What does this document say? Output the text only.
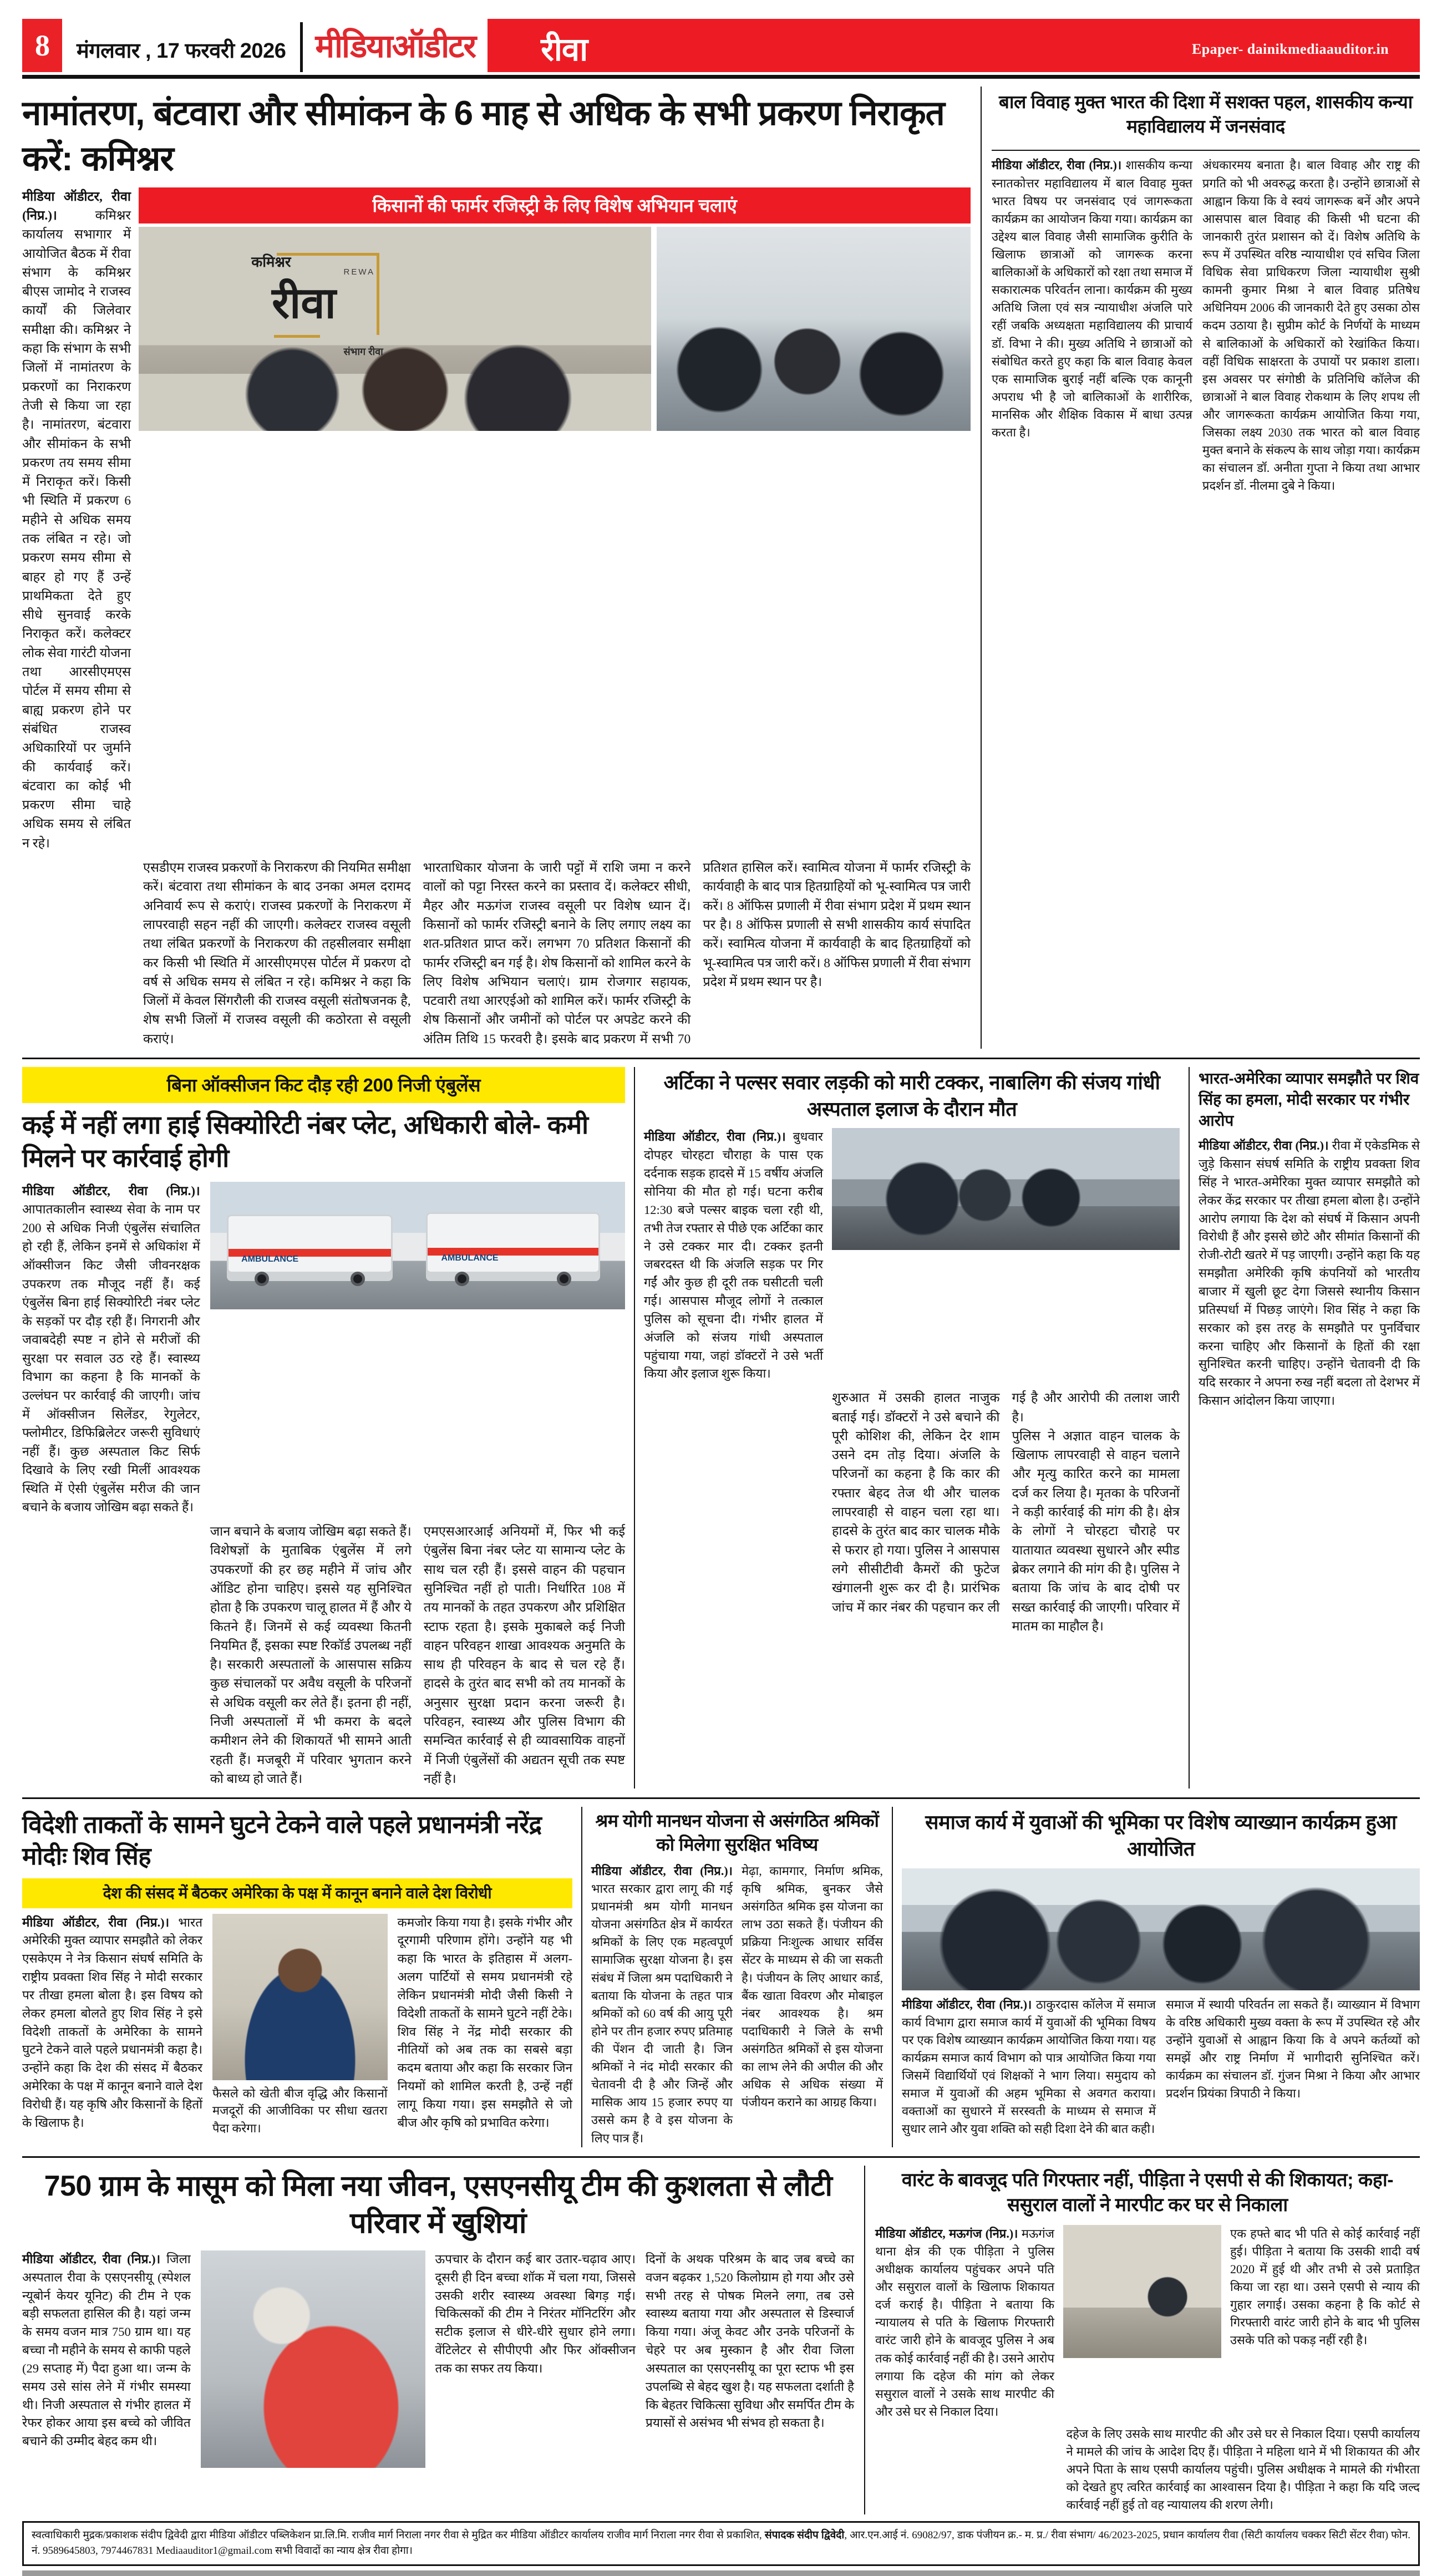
8	मंगलवार , 17 फरवरी 2026 मीडियाऑडीटर	रीवा	Epaper- dainikmediaauditor.in
नामांतरण, बंटवारा और सीमांकन के 6 माह से अधिक के सभी प्रकरण निराकृत करें: कमिश्नर

मीडिया ऑडीटर, रीवा (निप्र.)।	कमिश्नर कार्यालय सभागार में आयोजित बैठक में रीवा संभाग के कमिश्नर बीएस जामोद ने राजस्व कार्यों की जिलेवार समीक्षा की। कमिश्नर ने कहा कि संभाग के सभी जिलों में नामांतरण के प्रकरणों का निराकरण तेजी से किया जा रहा है। नामांतरण, बंटवारा और सीमांकन के सभी प्रकरण तय समय सीमा में निराकृत करें। किसी भी स्थिति में प्रकरण 6 महीने से अधिक समय तक लंबित न रहे। जो प्रकरण समय सीमा से बाहर हो गए हैं उन्हें प्राथमिकता देते हुए सीधे सुनवाई करके निराकृत करें। कलेक्टर लोक सेवा गारंटी योजना तथा आरसीएमएस पोर्टल में समय सीमा से बाह्य प्रकरण होने पर संबंधित राजस्व अधिकारियों पर जुर्माने की कार्यवाई करें। बंटवारा का कोई भी प्रकरण सीमा चाहे अधिक समय से लंबित न रहे।

किसानों की फार्मर रजिस्ट्री के लिए विशेष अभियान चलाएं
कमिश्नर
रीवा
संभाग रीवा
REWA

एसडीएम राजस्व प्रकरणों के निराकरण की नियमित समीक्षा करें। बंटवारा तथा सीमांकन के बाद उनका अमल दरामद अनिवार्य रूप से कराएं। राजस्व प्रकरणों के निराकरण में लापरवाही सहन नहीं की जाएगी। कलेक्टर राजस्व वसूली तथा लंबित प्रकरणों के निराकरण की तहसीलवार समीक्षा कर किसी भी स्थिति में आरसीएमएस पोर्टल में प्रकरण दो वर्ष से अधिक समय से लंबित न रहे। कमिश्नर ने कहा कि जिलों में केवल सिंगरौली की राजस्व वसूली संतोषजनक है, शेष सभी जिलों में राजस्व वसूली की कठोरता से वसूली कराएं।

भारताधिकार योजना के जारी पट्टों में राशि जमा न करने वालों को पट्टा निरस्त करने का प्रस्ताव दें। कलेक्टर सीधी, मैहर और मऊगंज राजस्व वसूली पर विशेष ध्यान दें। किसानों को फार्मर रजिस्ट्री बनाने के लिए लगाए लक्ष्य का शत-प्रतिशत प्राप्त करें। लगभग 70 प्रतिशत किसानों की फार्मर रजिस्ट्री बन गई है। शेष किसानों को शामिल करने के लिए विशेष अभियान चलाएं। ग्राम रोजगार सहायक, पटवारी तथा आरएईओ को शामिल करें। फार्मर रजिस्ट्री के शेष किसानों और जमीनों को पोर्टल पर अपडेट करने की अंतिम तिथि 15 फरवरी है। इसके बाद प्रकरण में सभी 70 प्रतिशत हासिल करें। स्वामित्व योजना में फार्मर रजिस्ट्री के कार्यवाही के बाद पात्र हितग्राहियों को भू-स्वामित्व पत्र जारी करें। 8 ऑफिस प्रणाली में रीवा संभाग प्रदेश में प्रथम स्थान पर है। 8 ऑफिस प्रणाली से सभी शासकीय कार्य संपादित करें। स्वामित्व योजना में कार्यवाही के बाद हितग्राहियों को भू-स्वामित्व पत्र जारी करें। 8 ऑफिस प्रणाली में रीवा संभाग प्रदेश में प्रथम स्थान पर है।

बाल विवाह मुक्त भारत की दिशा में सशक्त पहल, शासकीय कन्या महाविद्यालय में जनसंवाद

मीडिया ऑडीटर, रीवा (निप्र.)। शासकीय कन्या स्नातकोत्तर महाविद्यालय में बाल विवाह मुक्त भारत विषय पर जनसंवाद एवं जागरूकता कार्यक्रम का आयोजन किया गया। कार्यक्रम का उद्देश्य बाल विवाह जैसी सामाजिक कुरीति के खिलाफ छात्राओं को जागरूक करना बालिकाओं के अधिकारों को रक्षा तथा समाज में सकारात्मक परिवर्तन लाना। कार्यक्रम की मुख्य अतिथि जिला एवं सत्र न्यायाधीश अंजलि पारे रहीं जबकि अध्यक्षता महाविद्यालय की प्राचार्य डॉ. विभा ने की। मुख्य अतिथि ने छात्राओं को संबोधित करते हुए कहा कि बाल विवाह केवल एक सामाजिक बुराई नहीं बल्कि एक कानूनी अपराध भी है जो बालिकाओं के शारीरिक, मानसिक और शैक्षिक विकास में बाधा उत्पन्न करता है।

अंधकारमय बनाता है। बाल विवाह और राष्ट्र की प्रगति को भी अवरुद्ध करता है। उन्होंने छात्राओं से आह्वान किया कि वे स्वयं जागरूक बनें और अपने आसपास बाल विवाह की किसी भी घटना की जानकारी तुरंत प्रशासन को दें। विशेष अतिथि के रूप में उपस्थित वरिष्ठ न्यायाधीश एवं सचिव जिला विधिक सेवा प्राधिकरण जिला न्यायाधीश सुश्री कामनी कुमार मिश्रा ने बाल विवाह प्रतिषेध अधिनियम 2006 की जानकारी देते हुए उसका ठोस कदम उठाया है। सुप्रीम कोर्ट के निर्णयों के माध्यम से बालिकाओं के अधिकारों को रेखांकित किया। वहीं विधिक साक्षरता के उपायों पर प्रकाश डाला। इस अवसर पर संगोष्ठी के प्रतिनिधि कॉलेज की छात्राओं ने बाल विवाह रोकथाम के लिए शपथ ली और जागरूकता कार्यक्रम आयोजित किया गया, जिसका लक्ष्य 2030 तक भारत को बाल विवाह मुक्त बनाने के संकल्प के साथ जोड़ा गया। कार्यक्रम का संचालन डॉ. अनीता गुप्ता ने किया तथा आभार प्रदर्शन डॉ. नीलमा दुबे ने किया।

बिना ऑक्सीजन किट दौड़ रही 200 निजी एंबुलेंस
कई में नहीं लगा हाई सिक्योरिटी नंबर प्लेट, अधिकारी बोले- कमी मिलने पर कार्रवाई होगी

मीडिया ऑडीटर, रीवा (निप्र.)। आपातकालीन स्वास्थ्य सेवा के नाम पर 200 से अधिक निजी एंबुलेंस संचालित हो रही हैं, लेकिन इनमें से अधिकांश में ऑक्सीजन किट जैसी जीवनरक्षक उपकरण तक मौजूद नहीं हैं। कई एंबुलेंस बिना हाई सिक्योरिटी नंबर प्लेट के सड़कों पर दौड़ रही हैं। निगरानी और जवाबदेही स्पष्ट न होने से मरीजों की सुरक्षा पर सवाल उठ रहे हैं। स्वास्थ्य विभाग का कहना है कि मानकों के उल्लंघन पर कार्रवाई की जाएगी। जांच में ऑक्सीजन सिलेंडर, रेगुलेटर, फ्लोमीटर, डिफिब्रिलेटर जरूरी सुविधाएं नहीं हैं। कुछ अस्पताल किट सिर्फ दिखावे के लिए रखी मिलीं आवश्यक स्थिति में ऐसी एंबुलेंस मरीज की जान बचाने के बजाय जोखिम बढ़ा सकते हैं।

AMBULANCE	AMBULANCE

जान बचाने के बजाय जोखिम बढ़ा सकते हैं। विशेषज्ञों के मुताबिक एंबुलेंस में लगे उपकरणों की हर छह महीने में जांच और ऑडिट होना चाहिए। इससे यह सुनिश्चित होता है कि उपकरण चालू हालत में हैं और ये कितने हैं। जिनमें से कई व्यवस्था कितनी नियमित हैं, इसका स्पष्ट रिकॉर्ड उपलब्ध नहीं है। सरकारी अस्पतालों के आसपास सक्रिय कुछ संचालकों पर अवैध वसूली के परिजनों से अधिक वसूली कर लेते हैं। इतना ही नहीं, निजी अस्पतालों में भी कमरा के बदले कमीशन लेने की शिकायतें भी सामने आती रहती हैं। मजबूरी में परिवार भुगतान करने को बाध्य हो जाते हैं।

एमएसआरआई अनियमों में, फिर भी कई एंबुलेंस बिना नंबर प्लेट या सामान्य प्लेट के साथ चल रही हैं। इससे वाहन की पहचान सुनिश्चित नहीं हो पाती। निर्धारित 108 में तय मानकों के तहत उपकरण और प्रशिक्षित स्टाफ रहता है। इसके मुकाबले कई निजी वाहन परिवहन शाखा आवश्यक अनुमति के साथ ही परिवहन के बाद से चल रहे हैं। हादसे के तुरंत बाद सभी को तय मानकों के अनुसार सुरक्षा प्रदान करना जरूरी है। परिवहन, स्वास्थ्य और पुलिस विभाग की समन्वित कार्रवाई से ही व्यावसायिक वाहनों में निजी एंबुलेंसों की अद्यतन सूची तक स्पष्ट नहीं है।

अर्टिका ने पल्सर सवार लड़की को मारी टक्कर, नाबालिग की संजय गांधी अस्पताल इलाज के दौरान मौत

मीडिया ऑडीटर, रीवा (निप्र.)। बुधवार दोपहर चोरहटा चौराहा के पास एक दर्दनाक सड़क हादसे में 15 वर्षीय अंजलि सोनिया की मौत हो गई। घटना करीब 12:30 बजे पल्सर बाइक चला रही थी, तभी तेज रफ्तार से पीछे एक अर्टिका कार ने उसे टक्कर मार दी। टक्कर इतनी जबरदस्त थी कि अंजलि सड़क पर गिर गईं और कुछ ही दूरी तक घसीटती चली गई। आसपास मौजूद लोगों ने तत्काल पुलिस को सूचना दी। गंभीर हालत में अंजलि को संजय गांधी अस्पताल पहुंचाया गया, जहां डॉक्टरों ने उसे भर्ती किया और इलाज शुरू किया।

शुरुआत में उसकी हालत नाजुक बताई गई। डॉक्टरों ने उसे बचाने की पूरी कोशिश की, लेकिन देर शाम उसने दम तोड़ दिया। अंजलि के परिजनों का कहना है कि कार की रफ्तार बेहद तेज थी और चालक लापरवाही से वाहन चला रहा था। हादसे के तुरंत बाद कार चालक मौके से फरार हो गया। पुलिस ने आसपास लगे सीसीटीवी कैमरों की फुटेज खंगालनी शुरू कर दी है। प्रारंभिक जांच में कार नंबर की पहचान कर ली गई है और आरोपी की तलाश जारी है।

पुलिस ने अज्ञात वाहन चालक के खिलाफ लापरवाही से वाहन चलाने और मृत्यु कारित करने का मामला दर्ज कर लिया है। मृतका के परिजनों ने कड़ी कार्रवाई की मांग की है। क्षेत्र के लोगों ने चोरहटा चौराहे पर यातायात व्यवस्था सुधारने और स्पीड ब्रेकर लगाने की मांग की है। पुलिस ने बताया कि जांच के बाद दोषी पर सख्त कार्रवाई की जाएगी। परिवार में मातम का माहौल है।

भारत-अमेरिका व्यापार समझौते पर शिव सिंह का हमला, मोदी सरकार पर गंभीर आरोप

मीडिया ऑडीटर, रीवा (निप्र.)। रीवा में एकेडमिक से जुड़े किसान संघर्ष समिति के राष्ट्रीय प्रवक्ता शिव सिंह ने भारत-अमेरिका मुक्त व्यापार समझौते को लेकर केंद्र सरकार पर तीखा हमला बोला है। उन्होंने आरोप लगाया कि देश को संघर्ष में किसान अपनी विरोधी हैं और इससे छोटे और सीमांत किसानों की रोजी-रोटी खतरे में पड़ जाएगी। उन्होंने कहा कि यह समझौता अमेरिकी कृषि कंपनियों को भारतीय बाजार में खुली छूट देगा जिससे स्थानीय किसान प्रतिस्पर्धा में पिछड़ जाएंगे। शिव सिंह ने कहा कि सरकार को इस तरह के समझौते पर पुनर्विचार करना चाहिए और किसानों के हितों की रक्षा सुनिश्चित करनी चाहिए। उन्होंने चेतावनी दी कि यदि सरकार ने अपना रुख नहीं बदला तो देशभर में किसान आंदोलन किया जाएगा।

विदेशी ताकतों के सामने घुटने टेकने वाले पहले प्रधानमंत्री नरेंद्र मोदीः शिव सिंह
देश की संसद में बैठकर अमेरिका के पक्ष में कानून बनाने वाले देश विरोधी

मीडिया ऑडीटर, रीवा (निप्र.)। भारत अमेरिकी मुक्त व्यापार समझौते को लेकर एसकेएम ने नेत्र किसान संघर्ष समिति के राष्ट्रीय प्रवक्ता शिव सिंह ने मोदी सरकार पर तीखा हमला बोला है। इस विषय को लेकर हमला बोलते हुए शिव सिंह ने इसे विदेशी ताकतों के अमेरिका के सामने घुटने टेकने वाले पहले प्रधानमंत्री कहा है। उन्होंने कहा कि देश की संसद में बैठकर अमेरिका के पक्ष में कानून बनाने वाले देश विरोधी हैं। यह कृषि और किसानों के हितों के खिलाफ है।

फैसले को खेती बीज वृद्धि और किसानों मजदूरों की आजीविका पर सीधा खतरा पैदा करेगा।

कमजोर किया गया है। इसके गंभीर और दूरगामी परिणाम होंगे। उन्होंने यह भी कहा कि भारत के इतिहास में अलग-अलग पार्टियों से समय प्रधानमंत्री रहे लेकिन प्रधानमंत्री मोदी जैसी किसी ने विदेशी ताकतों के सामने घुटने नहीं टेके। शिव सिंह ने नेंद्र मोदी सरकार की नीतियों को अब तक का सबसे बड़ा कदम बताया और कहा कि सरकार जिन नियमों को शामिल करती है, उन्हें नहीं लागू किया गया। इस समझौते से जो बीज और कृषि को प्रभावित करेगा।

श्रम योगी मानधन योजना से असंगठित श्रमिकों को मिलेगा सुरक्षित भविष्य

मीडिया ऑडीटर, रीवा (निप्र.)। भारत सरकार द्वारा लागू की गई प्रधानमंत्री श्रम योगी मानधन योजना असंगठित क्षेत्र में कार्यरत श्रमिकों के लिए एक महत्वपूर्ण सामाजिक सुरक्षा योजना है। इस संबंध में जिला श्रम पदाधिकारी ने बताया कि योजना के तहत पात्र श्रमिकों को 60 वर्ष की आयु पूरी होने पर तीन हजार रुपए प्रतिमाह की पेंशन दी जाती है। जिन श्रमिकों ने नंद मोदी सरकार की चेतावनी दी है और जिन्हें और मासिक आय 15 हजार रुपए या उससे कम है वे इस योजना के लिए पात्र हैं।

मेढ़ा, कामगार, निर्माण श्रमिक, कृषि श्रमिक, बुनकर जैसे असंगठित श्रमिक इस योजना का लाभ उठा सकते हैं। पंजीयन की प्रक्रिया निःशुल्क आधार सर्विस सेंटर के माध्यम से की जा सकती है। पंजीयन के लिए आधार कार्ड, बैंक खाता विवरण और मोबाइल नंबर आवश्यक है। श्रम पदाधिकारी ने जिले के सभी असंगठित श्रमिकों से इस योजना का लाभ लेने की अपील की और अधिक से अधिक संख्या में पंजीयन कराने का आग्रह किया।

समाज कार्य में युवाओं की भूमिका पर विशेष व्याख्यान कार्यक्रम हुआ आयोजित

मीडिया ऑडीटर, रीवा (निप्र.)। ठाकुरदास कॉलेज में समाज कार्य विभाग द्वारा समाज कार्य में युवाओं की भूमिका विषय पर एक विशेष व्याख्यान कार्यक्रम आयोजित किया गया। यह कार्यक्रम समाज कार्य विभाग को पात्र आयोजित किया गया जिसमें विद्यार्थियों एवं शिक्षकों ने भाग लिया। समुदाय को समाज में युवाओं की अहम भूमिका से अवगत कराया। वक्ताओं का सुधारने में सरस्वती के माध्यम से समाज में सुधार लाने और युवा शक्ति को सही दिशा देने की बात कही।

समाज में स्थायी परिवर्तन ला सकते हैं। व्याख्यान में विभाग के वरिष्ठ अधिकारी मुख्य वक्ता के रूप में उपस्थित रहे और उन्होंने युवाओं से आह्वान किया कि वे अपने कर्तव्यों को समझें और राष्ट्र निर्माण में भागीदारी सुनिश्चित करें। कार्यक्रम का संचालन डॉ. गुंजन मिश्रा ने किया और आभार प्रदर्शन प्रियंका त्रिपाठी ने किया।

750 ग्राम के मासूम को मिला नया जीवन, एसएनसीयू टीम की कुशलता से लौटी परिवार में खुशियां

मीडिया ऑडीटर, रीवा (निप्र.)। जिला अस्पताल रीवा के एसएनसीयू (स्पेशल न्यूबोर्न केयर यूनिट) की टीम ने एक बड़ी सफलता हासिल की है। यहां जन्म के समय वजन मात्र 750 ग्राम था। यह बच्चा नौ महीने के समय से काफी पहले (29 सप्ताह में) पैदा हुआ था। जन्म के समय उसे सांस लेने में गंभीर समस्या थी। निजी अस्पताल से गंभीर हालत में रेफर होकर आया इस बच्चे को जीवित बचाने की उम्मीद बेहद कम थी।

ऊपचार के दौरान कई बार उतार-चढ़ाव आए। दूसरी ही दिन बच्चा शॉक में चला गया, जिससे उसकी शरीर स्वास्थ्य अवस्था बिगड़ गई। चिकित्सकों की टीम ने निरंतर मॉनिटरिंग और सटीक इलाज से धीरे-धीरे सुधार होने लगा। वेंटिलेटर से सीपीएपी और फिर ऑक्सीजन तक का सफर तय किया।

दिनों के अथक परिश्रम के बाद जब बच्चे का वजन बढ़कर 1,520 किलोग्राम हो गया और उसे सभी तरह से पोषक मिलने लगा, तब उसे स्वास्थ्य बताया गया और अस्पताल से डिस्चार्ज किया गया। अंजू केवट और उनके परिजनों के चेहरे पर अब मुस्कान है और रीवा जिला अस्पताल का एसएनसीयू का पूरा स्टाफ भी इस उपलब्धि से बेहद खुश है। यह सफलता दर्शाती है कि बेहतर चिकित्सा सुविधा और समर्पित टीम के प्रयासों से असंभव भी संभव हो सकता है।

वारंट के बावजूद पति गिरफ्तार नहीं, पीड़िता ने एसपी से की शिकायत; कहा- ससुराल वालों ने मारपीट कर घर से निकाला

मीडिया ऑडीटर, मऊगंज (निप्र.)। मऊगंज थाना क्षेत्र की एक पीड़िता ने पुलिस अधीक्षक कार्यालय पहुंचकर अपने पति और ससुराल वालों के खिलाफ शिकायत दर्ज कराई है। पीड़िता ने बताया कि न्यायालय से पति के खिलाफ गिरफ्तारी वारंट जारी होने के बावजूद पुलिस ने अब तक कोई कार्रवाई नहीं की है। उसने आरोप लगाया कि दहेज की मांग को लेकर ससुराल वालों ने उसके साथ मारपीट की और उसे घर से निकाल दिया।

एक हफ्ते बाद भी पति से कोई कार्रवाई नहीं हुई। पीड़िता ने बताया कि उसकी शादी वर्ष 2020 में हुई थी और तभी से उसे प्रताड़ित किया जा रहा था। उसने एसपी से न्याय की गुहार लगाई। उसका कहना है कि कोर्ट से गिरफ्तारी वारंट जारी होने के बाद भी पुलिस उसके पति को पकड़ नहीं रही है।

दहेज के लिए उसके साथ मारपीट की और उसे घर से निकाल दिया। एसपी कार्यालय ने मामले की जांच के आदेश दिए हैं। पीड़िता ने महिला थाने में भी शिकायत की और अपने पिता के साथ एसपी कार्यालय पहुंची। पुलिस अधीक्षक ने मामले की गंभीरता को देखते हुए त्वरित कार्रवाई का आश्वासन दिया है। पीड़िता ने कहा कि यदि जल्द कार्रवाई नहीं हुई तो वह न्यायालय की शरण लेगी।

स्वत्वाधिकारी मुद्रक/प्रकाशक संदीप द्विवेदी द्वारा मीडिया ऑडीटर पब्लिकेशन प्रा.लि.मि. राजीव मार्ग निराला नगर रीवा से मुद्रित कर मीडिया ऑडीटर कार्यालय राजीव मार्ग निराला नगर रीवा से प्रकाशित, संपादक संदीप द्विवेदी, आर.एन.आई नं. 69082/97, डाक पंजीयन क्र.- म. प्र./ रीवा संभाग/ 46/2023-2025, प्रधान कार्यालय रीवा (सिटी कार्यालय चक्कर सिटी सेंटर रीवा) फोन. नं. 9589645803, 7974467831 Mediaauditor1@gmail.com सभी विवादों का न्याय क्षेत्र रीवा होगा।
